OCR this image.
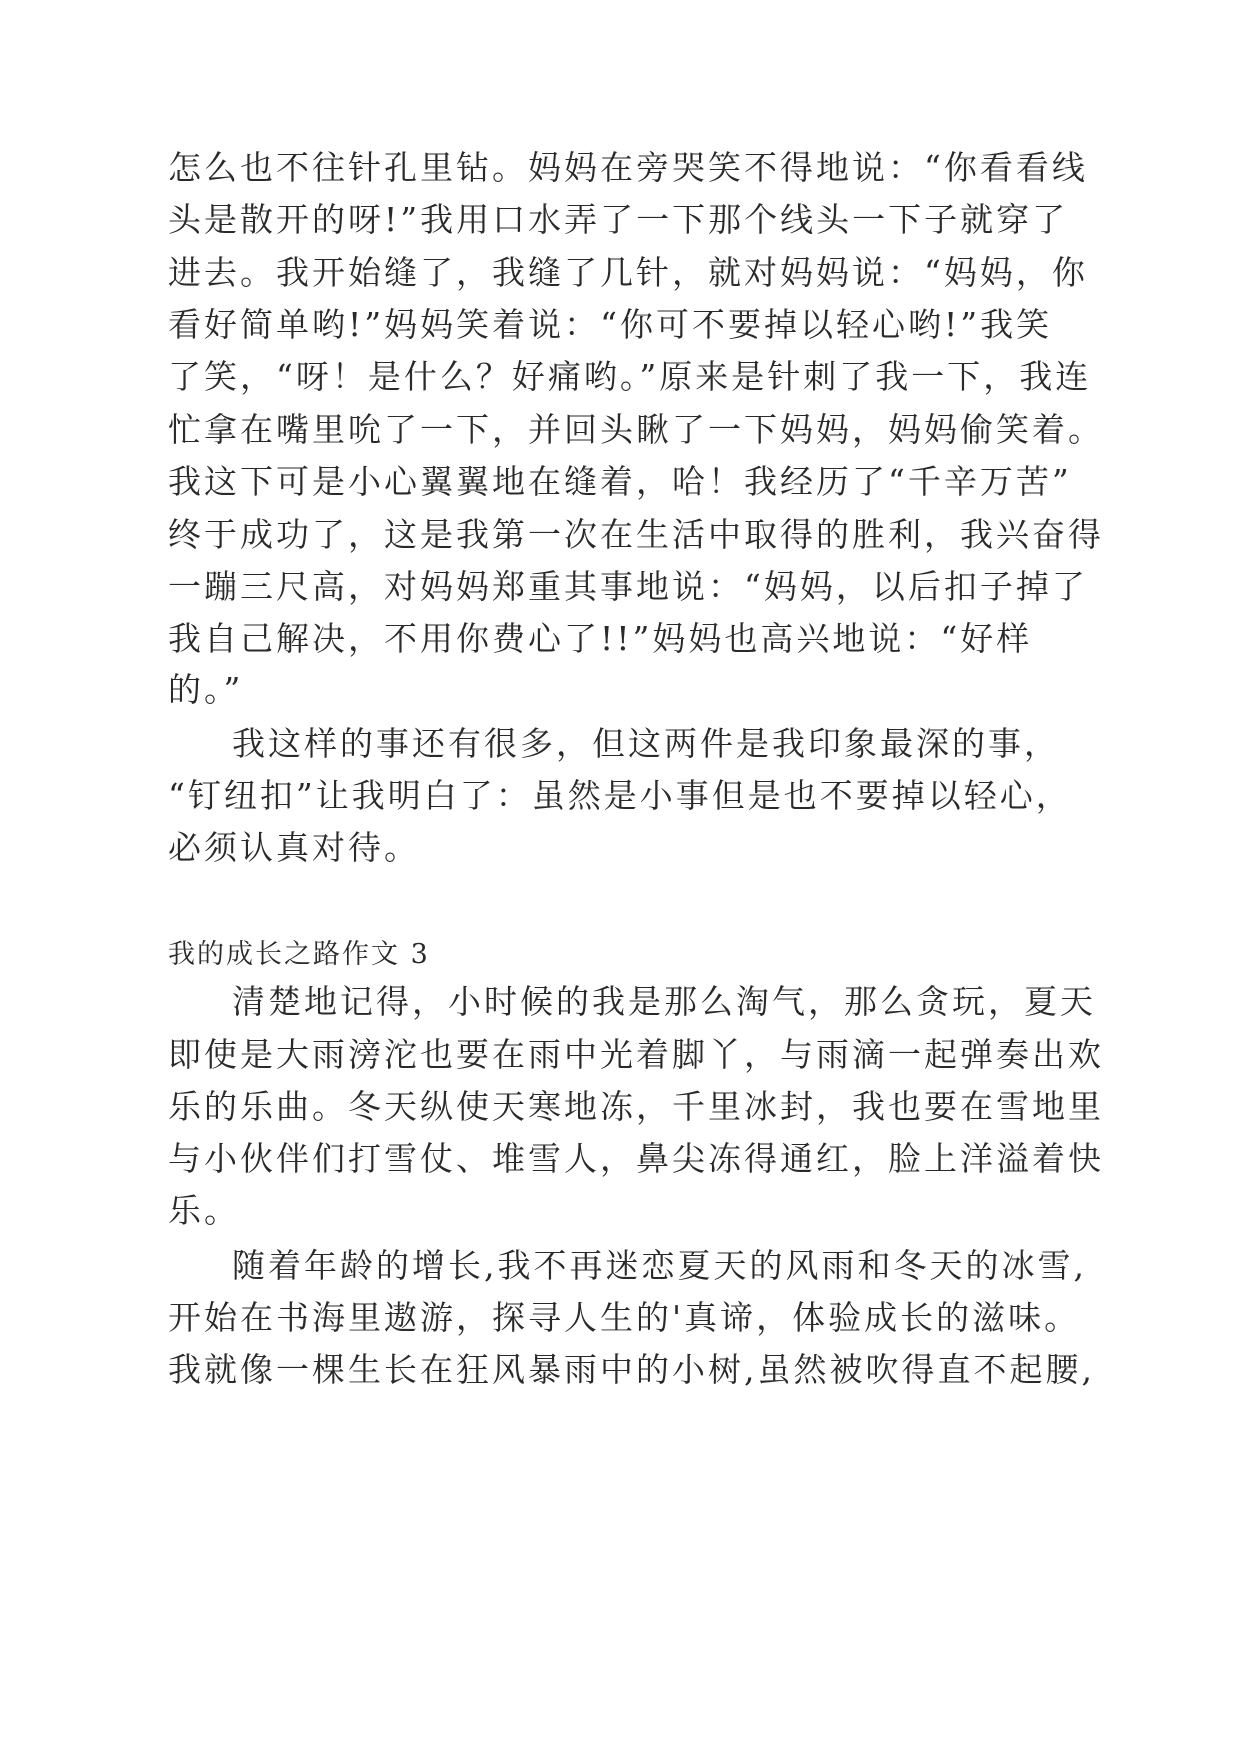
怎么也不往针孔里钻。妈妈在旁哭笑不得地说：“你看看线
头是散开的呀!”我用口水弄了一下那个线头一下子就穿了
进去。我开始缝了，我缝了几针，就对妈妈说：“妈妈，你
看好简单哟!”妈妈笑着说：“你可不要掉以轻心哟!”我笑
了笑，“呀！是什么？好痛哟。”原来是针刺了我一下，我连
忙拿在嘴里吮了一下，并回头瞅了一下妈妈，妈妈偷笑着。
我这下可是小心翼翼地在缝着，哈！我经历了“千辛万苦”
终于成功了，这是我第一次在生活中取得的胜利，我兴奋得
一蹦三尺高，对妈妈郑重其事地说：“妈妈，以后扣子掉了
我自己解决，不用你费心了!!”妈妈也高兴地说：“好样
的。”
我这样的事还有很多，但这两件是我印象最深的事，
“钉纽扣”让我明白了：虽然是小事但是也不要掉以轻心，
必须认真对待。
我的成长之路作文 3
清楚地记得，小时候的我是那么淘气，那么贪玩，夏天
即使是大雨滂沱也要在雨中光着脚丫，与雨滴一起弹奏出欢
乐的乐曲。冬天纵使天寒地冻，千里冰封，我也要在雪地里
与小伙伴们打雪仗、堆雪人，鼻尖冻得通红，脸上洋溢着快
乐。
随着年龄的增长,我不再迷恋夏天的风雨和冬天的冰雪,
开始在书海里遨游，探寻人生的'真谛，体验成长的滋味。
我就像一棵生长在狂风暴雨中的小树,虽然被吹得直不起腰,
